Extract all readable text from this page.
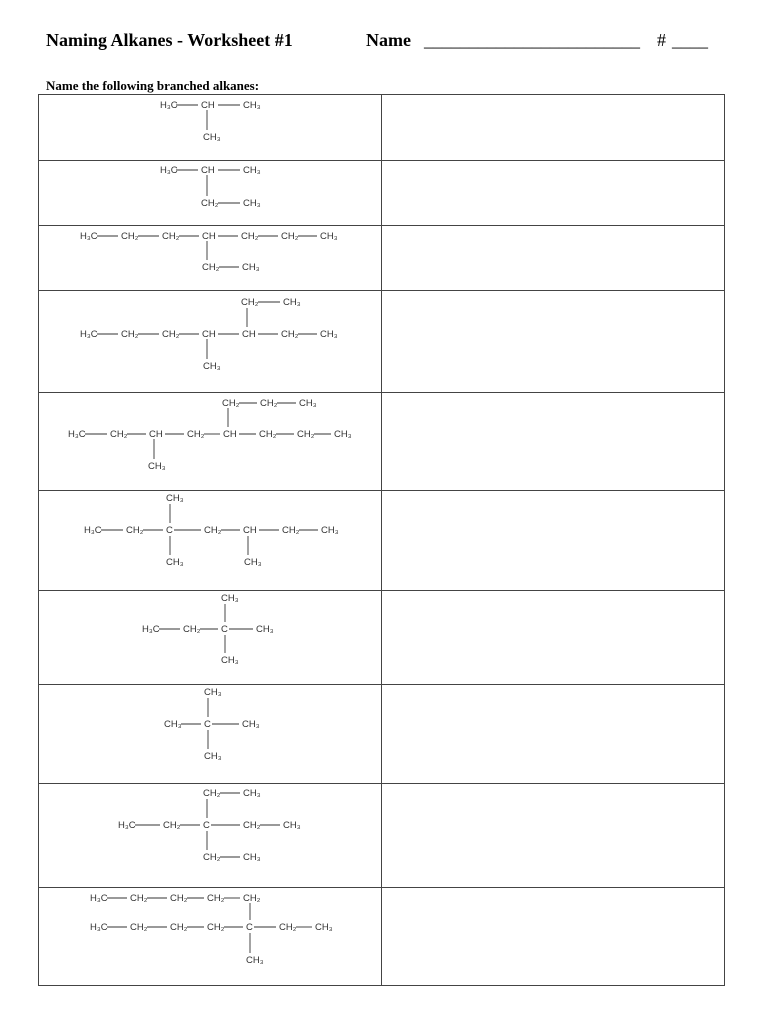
Naming Alkanes - Worksheet #1	Name ________________________ # ____
Name the following branched alkanes:
H₃C CH	CH₃
CH₃
H₃C CH	CH₃
CH₂	CH₃
H₃C CH₂ CH₂ CH	CH₂ CH₂ CH₃
CH₂ CH₃
CH₂	CH₃
H₃C CH₂ CH₂ CH	CH	CH₂ CH₃
CH₃
CH₂ CH₂ CH₃
H₃C	CH₂ CH	CH₂ CH CH₂ CH₂ CH₃
CH₃
CH₃
H₃C	CH₂ C	CH₂ CH	CH₂ CH₃
CH₃	CH₃
CH₃
H₃C CH₂ C	CH₃
CH₃
CH₃
CH₃ C	CH₃
CH₃
CH₂ CH₃
H₃C	CH₂ C	CH₂ CH₃
CH₂ CH₃
H₃C CH₂ CH₂ CH₂ CH₂
H₃C CH₂ CH₂ CH₂ C	CH₂ CH₃
CH₃
